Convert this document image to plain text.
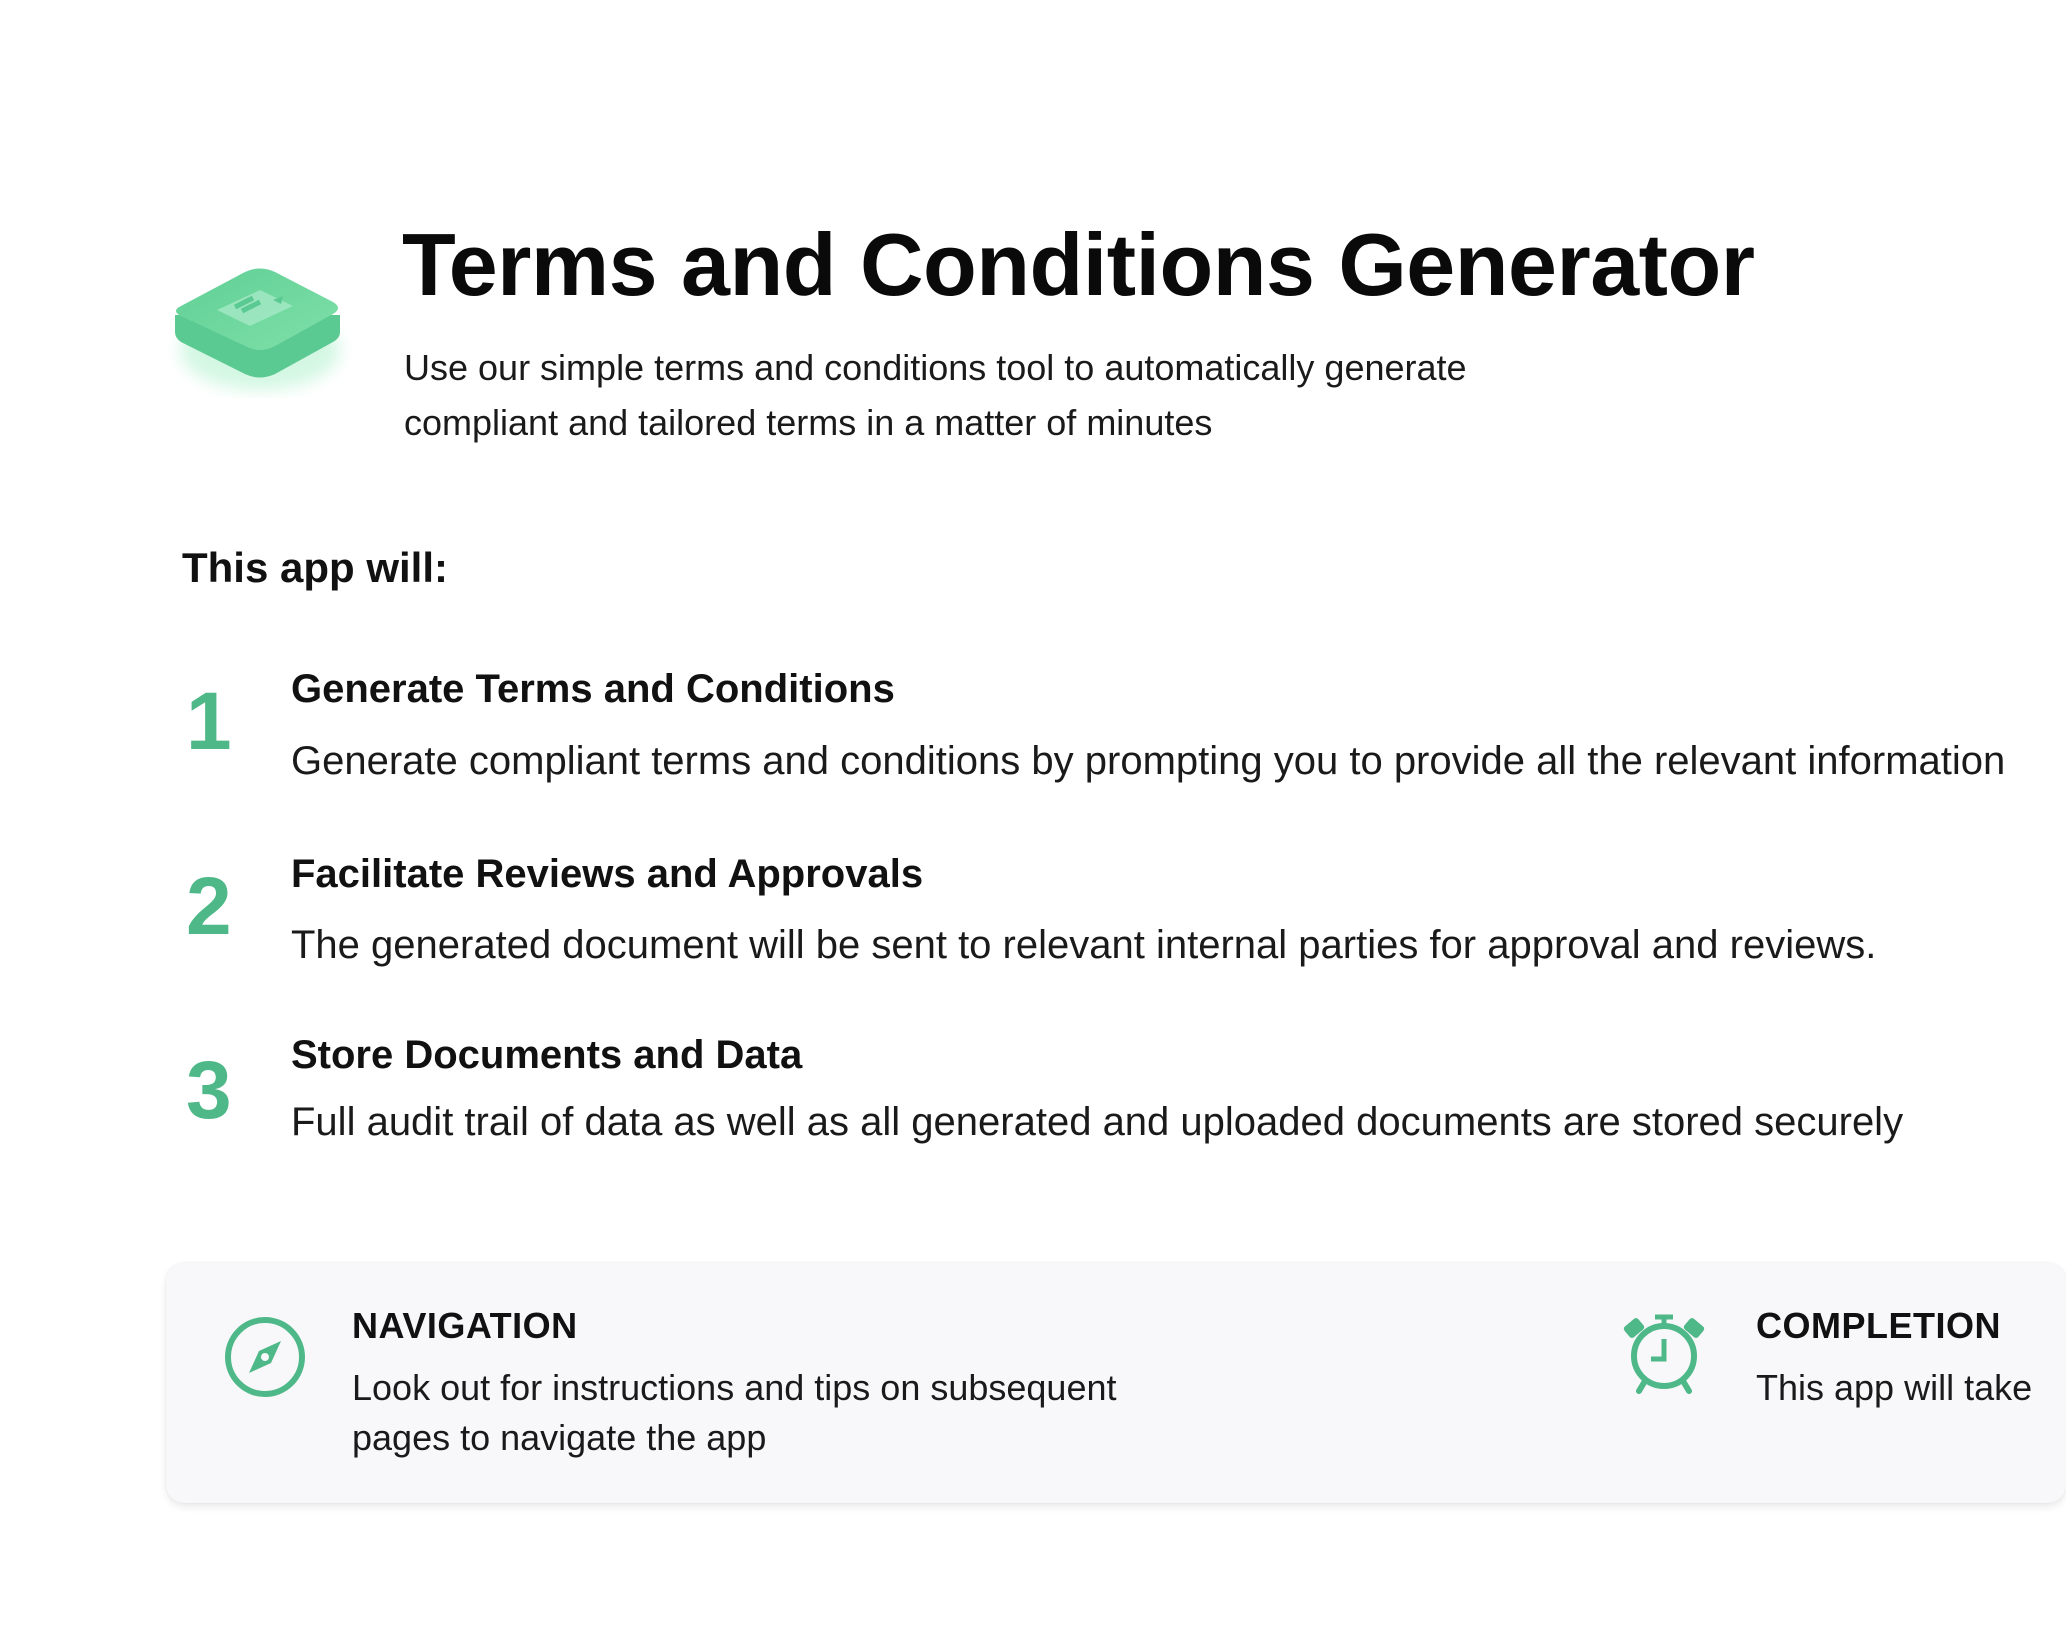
Terms and Conditions Generator
Use our simple terms and conditions tool to automatically generate
compliant and tailored terms in a matter of minutes
This app will:
1 Generate Terms and Conditions
Generate compliant terms and conditions by prompting you to provide all the relevant information
2 Facilitate Reviews and Approvals
The generated document will be sent to relevant internal parties for approval and reviews.
3 Store Documents and Data
Full audit trail of data as well as all generated and uploaded documents are stored securely
NAVIGATION
Look out for instructions and tips on subsequent
pages to navigate the app
COMPLETION
This app will take
